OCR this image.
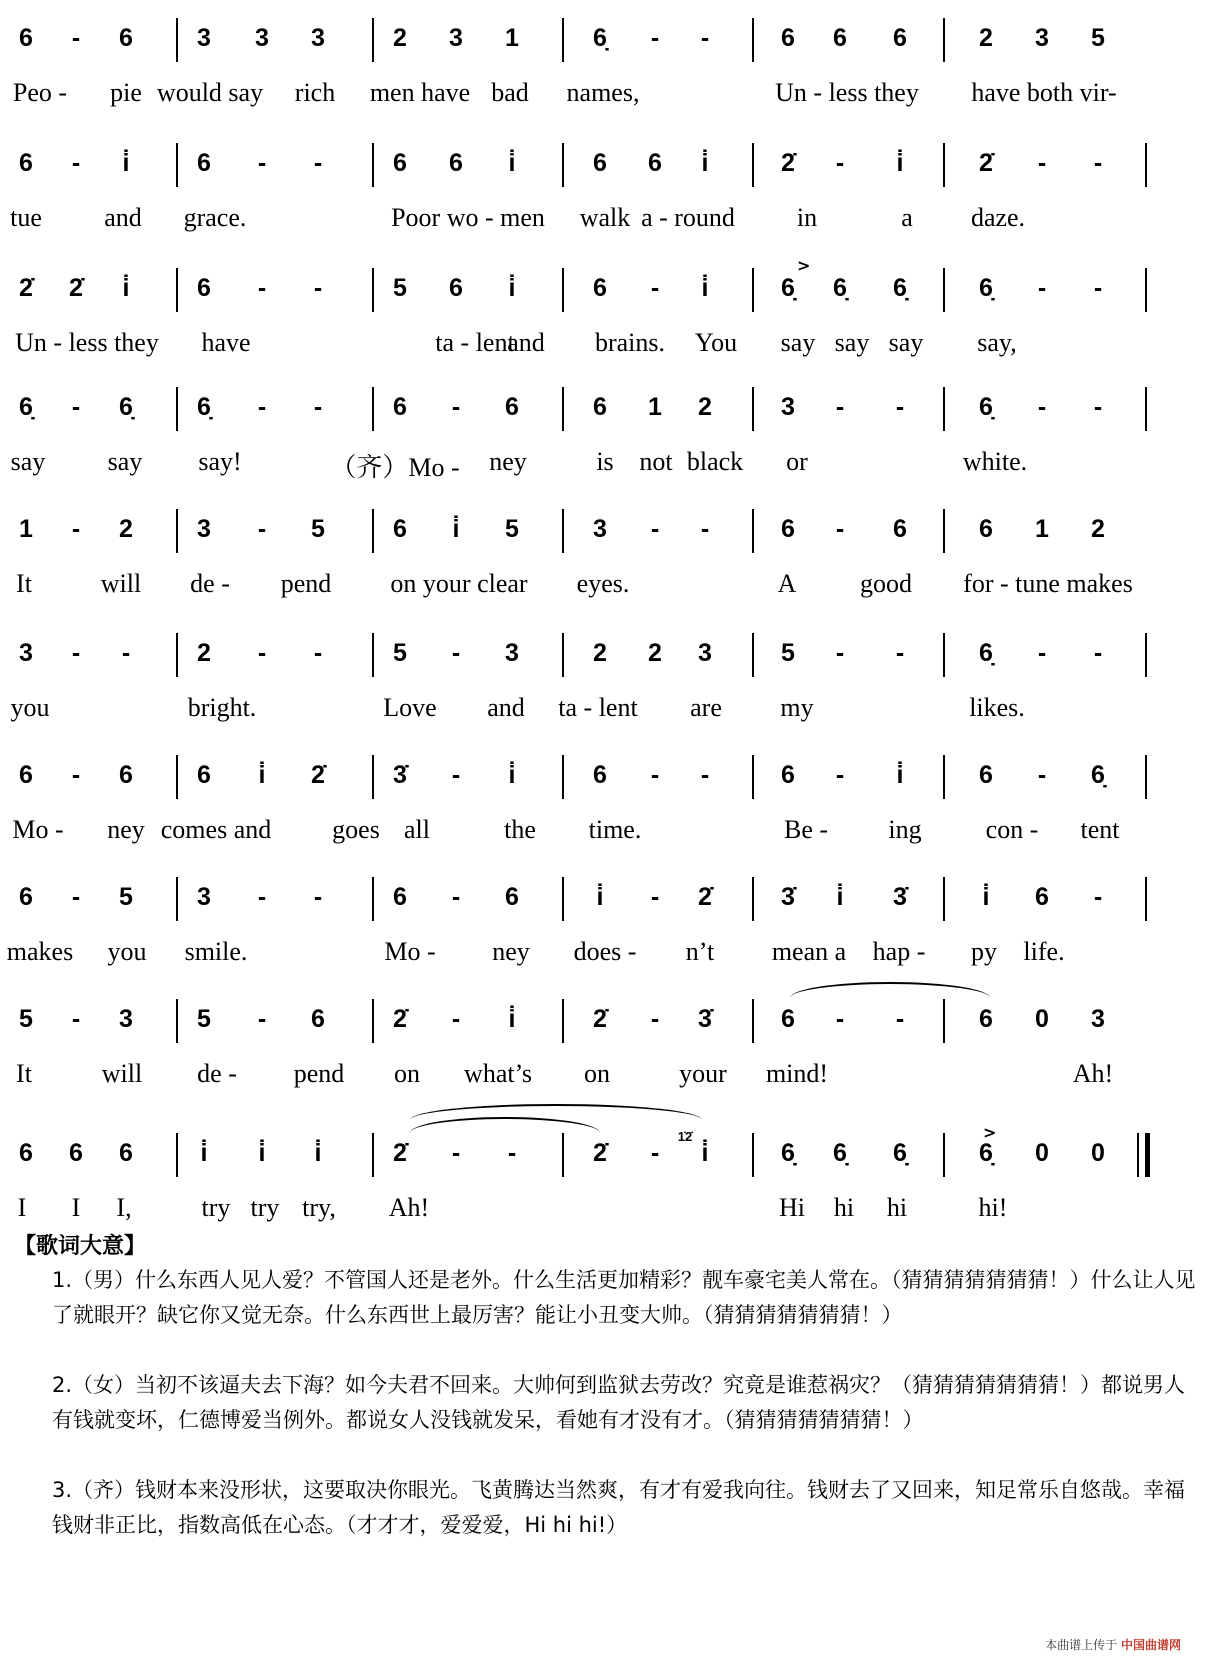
6 - 6	3 3 3	2 3 1	6̣ - -	6 6 6	2 3 5
Peo - pie would say rich men have bad names,	Un - less they have both vir-
6 - i̇	6 - -	6 6 i̇	6 6 i̇	2̇ - i̇	2̇ - -
tue and grace.	Poor wo - men walk a - round in	a daze.
2̇ 2̇ i̇	6 - -	5 6 i̇	6 - i̇	6̣ 6̣ 6̣	6̣ - -
Un - less they have	ta - lent
and brains. You say say say say,
6̣ - 6̣	6̣ - -	6 - 6	6 1 2	3 - -	6̣ - -
say say say!	（齐）Mo - ney	is not black or	white.
1 - 2	3 - 5	6 i̇ 5	3 - -	6 - 6	6 1 2
It	will de - pend on your clear eyes.	A good for - tune makes
3 - -	2 - -	5 - 3	2 2 3	5 - -	6̣ - -
you	bright.	Love and ta - lent are my	likes.
6 - 6	6 i̇ 2̇	3̇ - i̇	6 - -	6 - i̇	6 - 6̣
Mo - ney comes and goes all	the time.	Be - ing con - tent
6 - 5	3 - -	6 - 6	i̇ - 2̇	3̇ i̇ 3̇	i̇ 6 -
makes you smile.	Mo - ney does - n’t mean a hap - py life.
5 - 3	5 - 6	2̇ - i̇	2̇ - 3̇	6 - -	6 0 3
It	will de - pend on what’s on	your mind!	Ah!
6 6 6	i̇ i̇ i̇	2̇ - -	2̇ - i̇	6̣ 6̣ 6̣	6̣ 0 0
1̇2̇
I I I,	try try try, Ah!	Hi hi hi	hi!
【歌词大意】
1.（男）什么东西人见人爱？不管国人还是老外。什么生活更加精彩？靓车豪宅美人常在。（猜猜猜猜猜猜猜！）什么让人见了就眼开？缺它你又觉无奈。什么东西世上最厉害？能让小丑变大帅。（猜猜猜猜猜猜猜！）
2.（女）当初不该逼夫去下海？如今夫君不回来。大帅何到监狱去劳改？究竟是谁惹祸灾？（猜猜猜猜猜猜猜！）都说男人有钱就变坏，仁德博爱当例外。都说女人没钱就发呆，看她有才没有才。（猜猜猜猜猜猜猜！）
3.（齐）钱财本来没形状，这要取决你眼光。飞黄腾达当然爽，有才有爱我向往。钱财去了又回来，知足常乐自悠哉。幸福钱财非正比，指数高低在心态。（才才才，爱爱爱，Hi hi hi!）
本曲谱上传于 中国曲谱网
>
>
